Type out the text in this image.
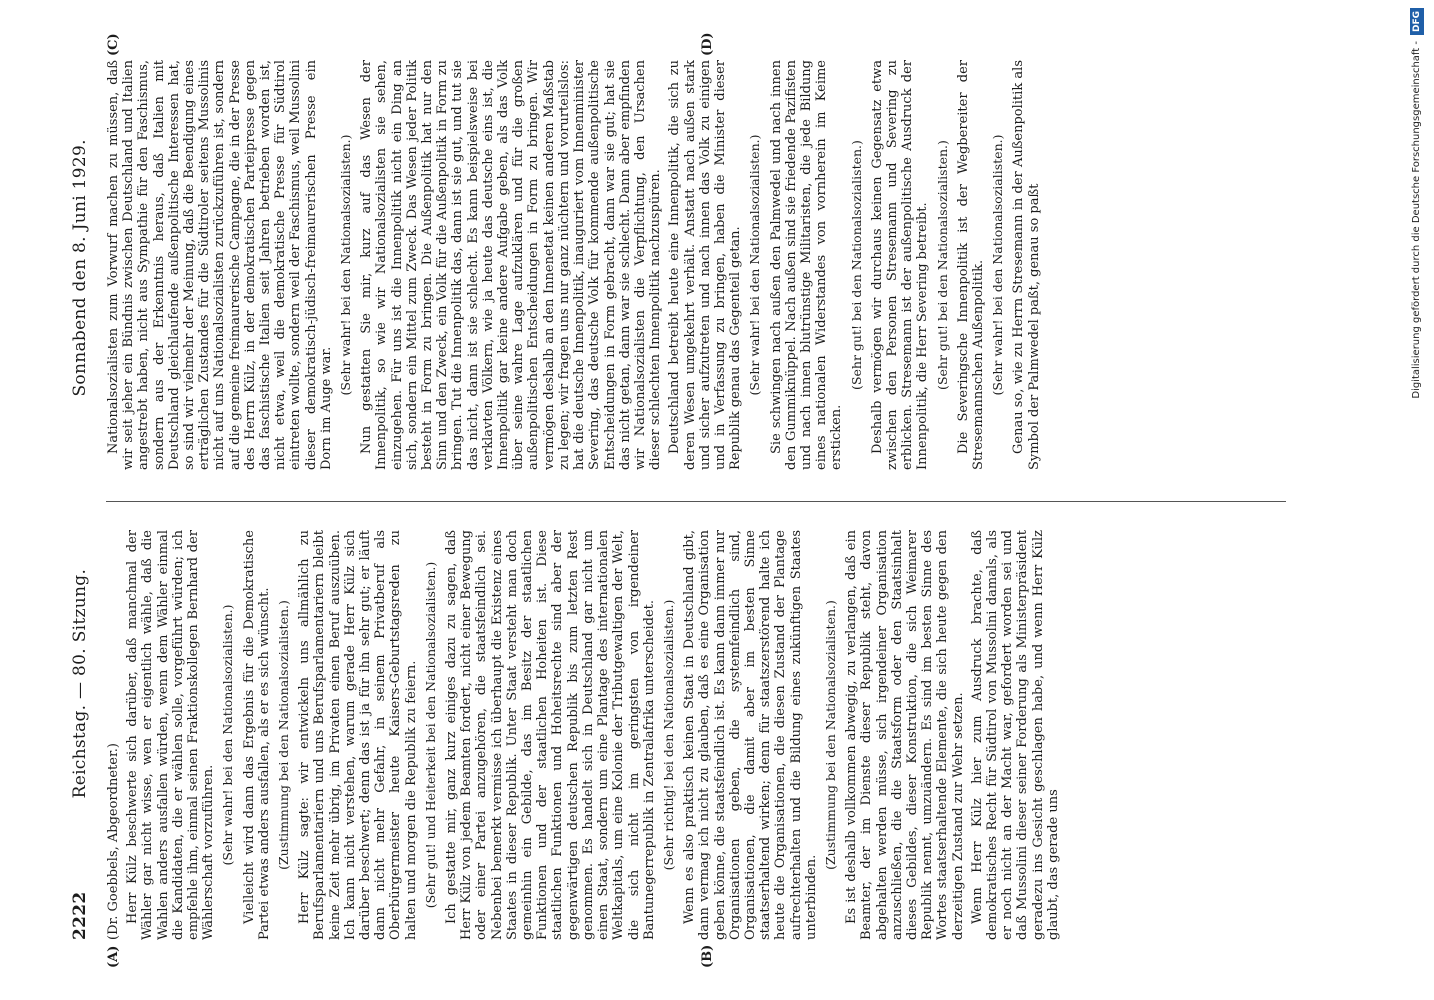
2222
Reichstag. — 80. Sitzung.
Sonnabend den 8. Juni 1929.
(A)	(B)
(C)	(D)

(Dr. Goebbels, Abgeordneter.) Herr Külz beschwerte sich darüber, daß manchmal der Wähler gar nicht wisse, wen er eigentlich wähle, daß die Wahlen anders ausfallen würden, wenn dem Wähler einmal die Kandidaten, die er wählen solle, vorgeführt würden; ich empfehle ihm, einmal seinen Fraktionskollegen Bernhard der Wählerschaft vorzuführen. (Sehr wahr! bei den Nationalsozialisten.) Vielleicht wird dann das Ergebnis für die Demokratische Partei etwas anders ausfallen, als er es sich wünscht. (Zustimmung bei den Nationalsozialisten.) Herr Külz sagte: wir entwickeln uns allmählich zu Berufsparlamentariern und uns Berufsparlamentariern bleibt keine Zeit mehr übrig, im Privaten einen Beruf auszuüben. Ich kann nicht verstehen, warum gerade Herr Külz sich darüber beschwert; denn das ist ja für ihn sehr gut; er läuft dann nicht mehr Gefahr, in seinem Privatberuf als Oberbürgermeister heute Kaisers-Geburtstagsreden zu halten und morgen die Republik zu feiern. (Sehr gut! und Heiterkeit bei den Nationalsozialisten.) Ich gestatte mir, ganz kurz einiges dazu zu sagen, daß Herr Külz von jedem Beamten fordert, nicht einer Bewegung oder einer Partei anzugehören, die staatsfeindlich sei. Nebenbei bemerkt vermisse ich überhaupt die Existenz eines Staates in dieser Republik. Unter Staat versteht man doch gemeinhin ein Gebilde, das im Besitz der staatlichen Funktionen und der staatlichen Hoheiten ist. Diese staatlichen Funktionen und Hoheitsrechte sind aber der gegenwärtigen deutschen Republik bis zum letzten Rest genommen. Es handelt sich in Deutschland gar nicht um einen Staat, sondern um eine Plantage des internationalen Weltkapitals, um eine Kolonie der Tributgewaltigen der Welt, die sich nicht im geringsten von irgendeiner Bantunegerrepublik in Zentralafrika unterscheidet. (Sehr richtig! bei den Nationalsozialisten.) Wenn es also praktisch keinen Staat in Deutschland gibt, dann vermag ich nicht zu glauben, daß es eine Organisation geben könne, die staatsfeindlich ist. Es kann dann immer nur Organisationen geben, die systemfeindlich sind, Organisationen, die damit aber im besten Sinne staatserhaltend wirken; denn für staatszerstörend halte ich heute die Organisationen, die diesen Zustand der Plantage aufrechterhalten und die Bildung eines zukünftigen Staates unterbinden.

(Zustimmung bei den Nationalsozialisten.) Es ist deshalb vollkommen abwegig, zu verlangen, daß ein Beamter, der im Dienste dieser Republik steht, davon abgehalten werden müsse, sich irgendeiner Organisation anzuschließen, die die Staatsform oder den Staatsinhalt dieses Gebildes, dieser Konstruktion, die sich Weimarer Republik nennt, umzuändern. Es sind im besten Sinne des Wortes staatserhaltende Elemente, die sich heute gegen den derzeitigen Zustand zur Wehr setzen. Wenn Herr Külz hier zum Ausdruck brachte, daß demokratisches Recht für Südtirol von Mussolini damals, als er noch nicht an der Macht war, gefordert worden sei und daß Mussolini dieser seiner Forderung als Ministerpräsident geradezu ins Gesicht geschlagen habe, und wenn Herr Külz glaubt, das gerade uns

Nationalsozialisten zum Vorwurf machen zu müssen, daß wir seit jeher ein Bündnis zwischen Deutschland und Italien angestrebt haben, nicht aus Sympathie für den Faschismus, sondern aus der Erkenntnis heraus, daß Italien mit Deutschland gleichlaufende außenpolitische Interessen hat, so sind wir vielmehr der Meinung, daß die Beendigung eines erträglichen Zustandes für die Südtiroler seitens Mussolinis nicht auf uns Nationalsozialisten zurückzuführen ist, sondern auf die gemeine freimaurerische Campagne, die in der Presse des Herrn Külz, in der demokratischen Parteipresse gegen das faschistische Italien seit Jahren betrieben worden ist, nicht etwa, weil die demokratische Presse für Südtirol eintreten wollte, sondern weil der Faschismus, weil Mussolini dieser demokratisch-jüdisch-freimaurerischen Presse ein Dorn im Auge war.

(Sehr wahr! bei den Nationalsozialisten.) Nun gestatten Sie mir, kurz auf das Wesen der Innenpolitik, so wie wir Nationalsozialisten sie sehen, einzugehen. Für uns ist die Innenpolitik nicht ein Ding an sich, sondern ein Mittel zum Zweck. Das Wesen jeder Politik besteht in Form zu bringen. Die Außenpolitik hat nur den Sinn und den Zweck, ein Volk für die Außenpolitik in Form zu bringen. Tut die Innenpolitik das, dann ist sie gut, und tut sie das nicht, dann ist sie schlecht. Es kann beispielsweise bei verklavten Völkern, wie ja heute das deutsche eins ist, die Innenpolitik gar keine andere Aufgabe geben, als das Volk über seine wahre Lage aufzuklären und für die großen außenpolitischen Entscheidungen in Form zu bringen. Wir vermögen deshalb an den Innenetat keinen anderen Maßstab zu legen; wir fragen uns nur ganz nüchtern und vorurteilslos: hat die deutsche Innenpolitik, inauguriert vom Innenminister Severing, das deutsche Volk für kommende außenpolitische Entscheidungen in Form gebracht, dann war sie gut; hat sie das nicht getan, dann war sie schlecht. Dann aber empfinden wir Nationalsozialisten die Verpflichtung, den Ursachen dieser schlechten Innenpolitik nachzuspüren. Deutschland betreibt heute eine Innenpolitik, die sich zu deren Wesen umgekehrt verhält. Anstatt nach außen stark und sicher aufzutreten und nach innen das Volk zu einigen und in Verfassung zu bringen, haben die Minister dieser Republik genau das Gegenteil getan. (Sehr wahr! bei den Nationalsozialisten.) Sie schwingen nach außen den Palmwedel und nach innen den Gummiknüppel. Nach außen sind sie friedende Pazifisten und nach innen blutrünstige Militaristen, die jede Bildung eines nationalen Widerstandes von vornherein im Keime ersticken.

(Sehr gut! bei den Nationalsozialisten.) Deshalb vermögen wir durchaus keinen Gegensatz etwa zwischen den Personen Stresemann und Severing zu erblicken. Stresemann ist der außenpolitische Ausdruck der Innenpolitik, die Herr Severing betreibt. (Sehr gut! bei den Nationalsozialisten.) Die Severingsche Innenpolitik ist der Wegbereiter der Stresemannschen Außenpolitik. (Sehr wahr! bei den Nationalsozialisten.) Genau so, wie zu Herrn Stresemann in der Außenpolitik als Symbol der Palmwedel paßt, genau so paßt	Digitalisierung gefördert durch die Deutsche Forschungsgemeinschaft -DFG
